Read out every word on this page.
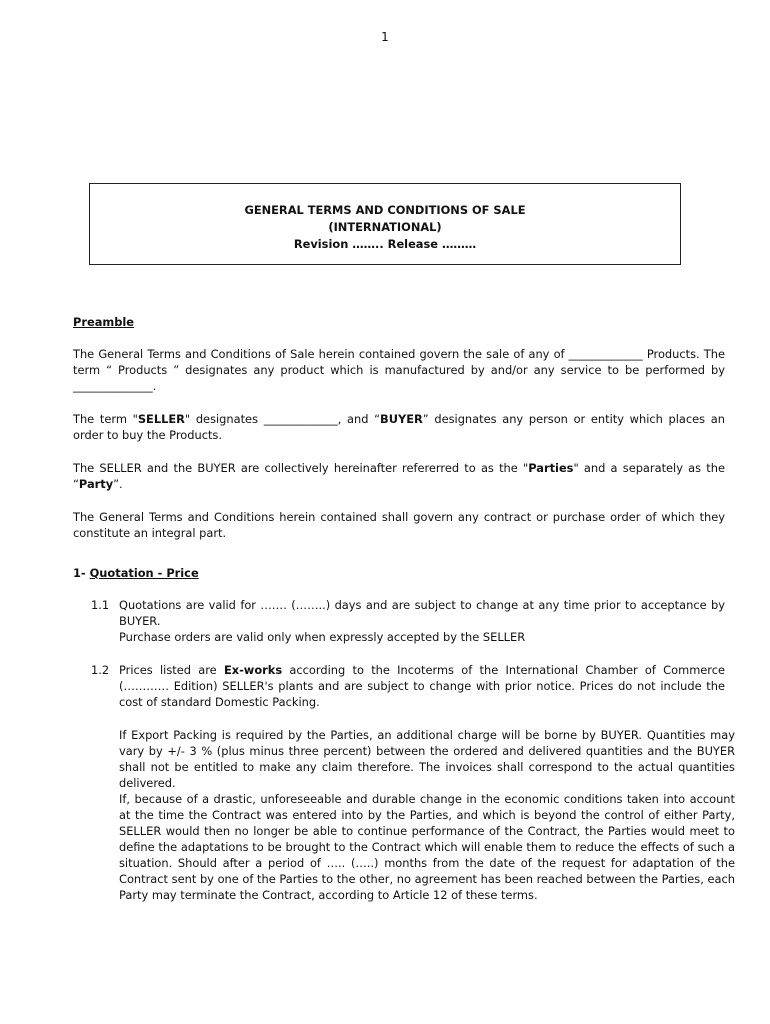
1
GENERAL TERMS AND CONDITIONS OF SALE
(INTERNATIONAL)
Revision …….. Release ………
Preamble

The General Terms and Conditions of Sale herein contained govern the sale of any of _____________ Products. The term “ Products ” designates any product which is manufactured by and/or any service to be performed by ______________.

The term "SELLER" designates _____________, and “BUYER” designates any person or entity which places an order to buy the Products.

The SELLER and the BUYER are collectively hereinafter refererred to as the "Parties" and a separately as the “Party”.

The General Terms and Conditions herein contained shall govern any contract or purchase order of which they constitute an integral part.

1- Quotation - Price
1.1 Quotations are valid for ……. (……..) days and are subject to change at any time prior to acceptance by BUYER.

Purchase orders are valid only when expressly accepted by the SELLER

1.2 Prices listed are Ex-works according to the Incoterms of the International Chamber of Commerce (………… Edition) SELLER's plants and are subject to change with prior notice. Prices do not include the cost of standard Domestic Packing.

If Export Packing is required by the Parties, an additional charge will be borne by BUYER. Quantities may vary by +/- 3 % (plus minus three percent) between the ordered and delivered quantities and the BUYER shall not be entitled to make any claim therefore. The invoices shall correspond to the actual quantities delivered.

If, because of a drastic, unforeseeable and durable change in the economic conditions taken into account at the time the Contract was entered into by the Parties, and which is beyond the control of either Party, SELLER would then no longer be able to continue performance of the Contract, the Parties would meet to define the adaptations to be brought to the Contract which will enable them to reduce the effects of such a situation. Should after a period of ….. (…..) months from the date of the request for adaptation of the Contract sent by one of the Parties to the other, no agreement has been reached between the Parties, each Party may terminate the Contract, according to Article 12 of these terms.
